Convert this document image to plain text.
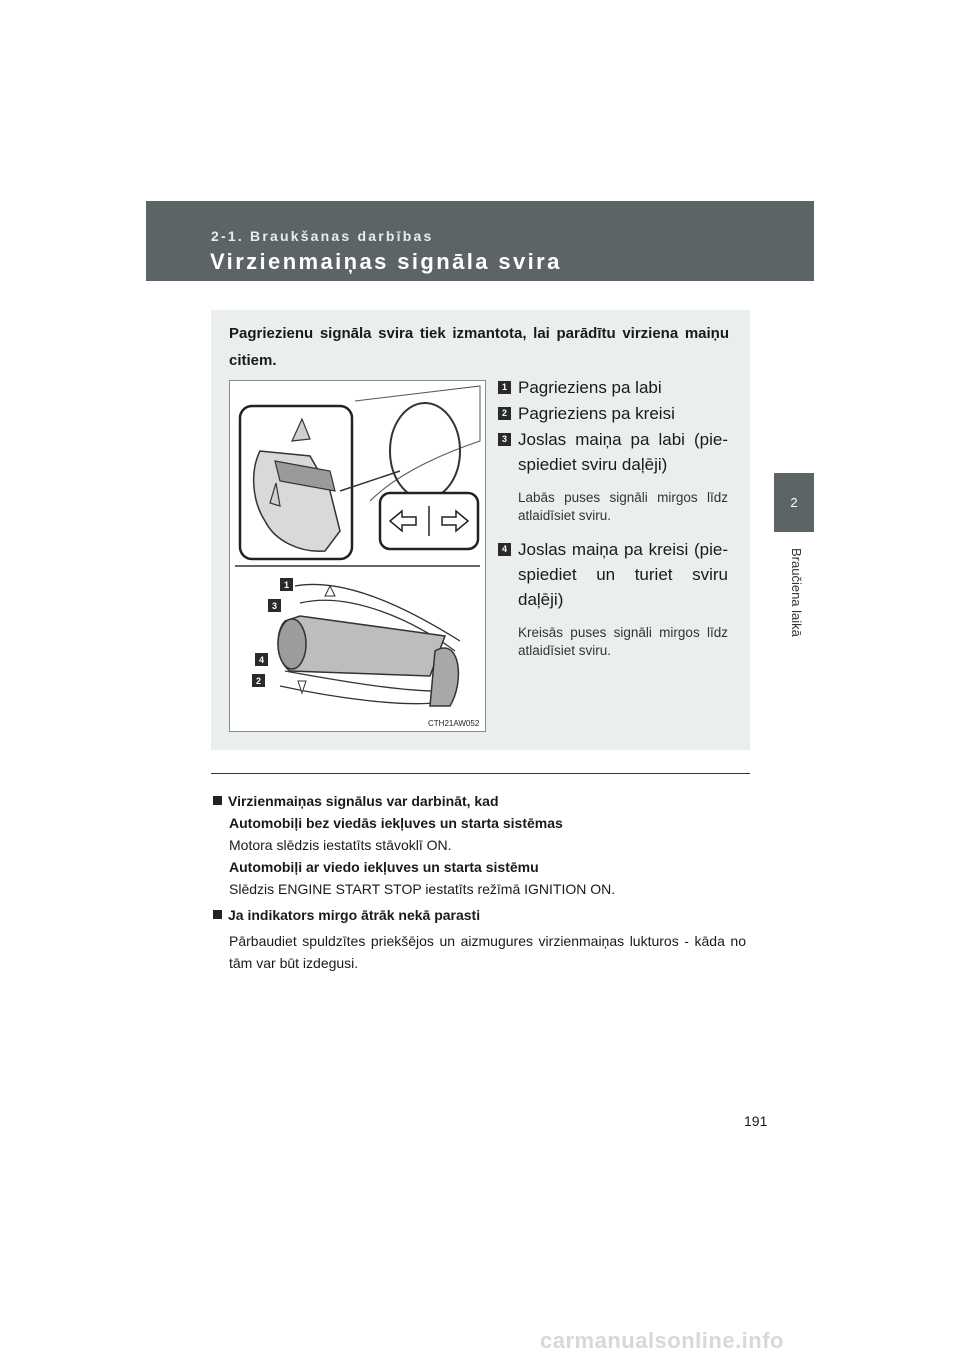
2-1. Braukšanas darbības
Virzienmaiņas signāla svira
2
Braučiena laikā
Pagriezienu signāla svira tiek izmantota, lai parādītu virziena maiņu citiem.
1
3
4
2
CTH21AW052
1 Pagrieziens pa labi
2 Pagrieziens pa kreisi
3 Joslas maiņa pa labi (pie-spiediet sviru daļēji)
Labās puses signāli mirgos līdz atlaidīsiet sviru.
4 Joslas maiņa pa kreisi (pie-spiediet un turiet sviru daļēji)
Kreisās puses signāli mirgos līdz atlaidīsiet sviru.
Virzienmaiņas signālus var darbināt, kad
Automobiļi bez viedās iekļuves un starta sistēmas
Motora slēdzis iestatīts stāvoklī ON.
Automobiļi ar viedo iekļuves un starta sistēmu
Slēdzis ENGINE START STOP iestatīts režīmā IGNITION ON.
Ja indikators mirgo ātrāk nekā parasti
Pārbaudiet spuldzītes priekšējos un aizmugures virzienmaiņas lukturos - kāda no tām var būt izdegusi.
191
carmanualsonline.info
